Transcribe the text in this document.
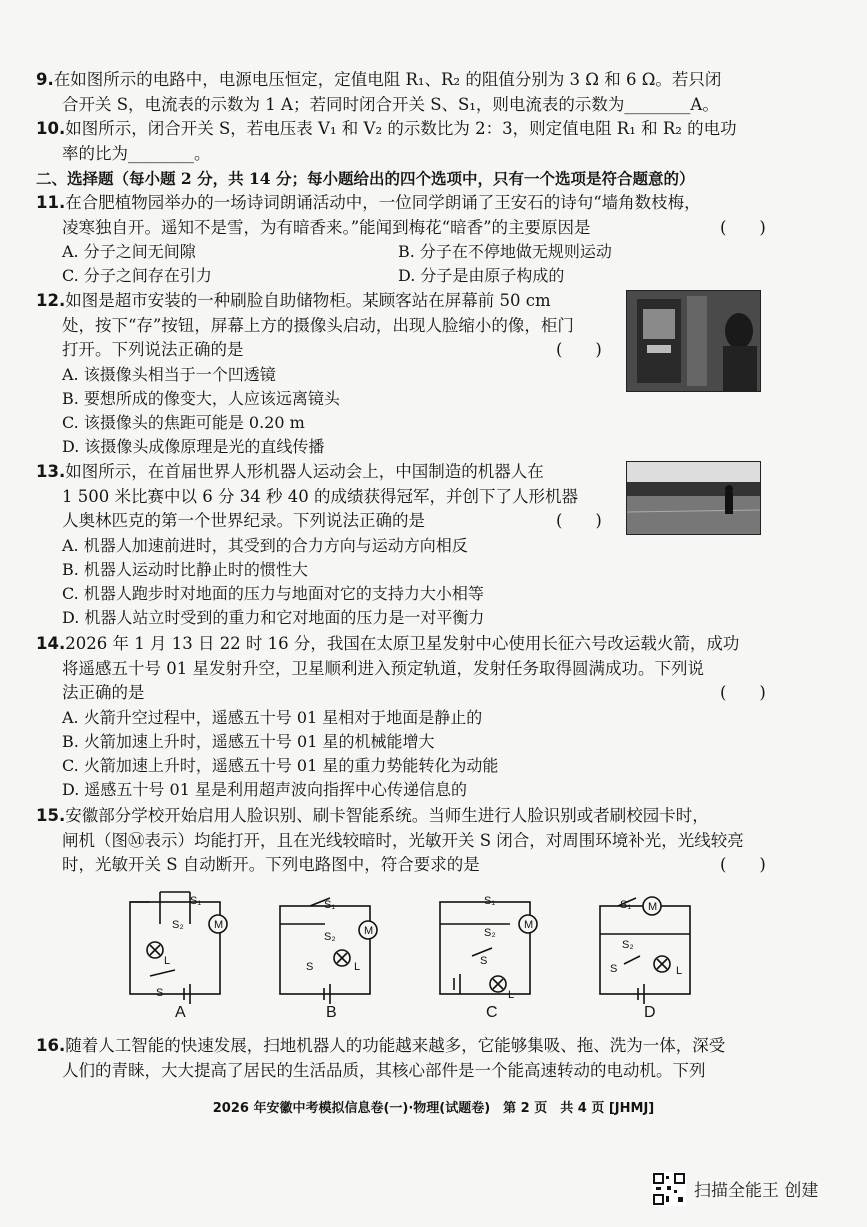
9.在如图所示的电路中，电源电压恒定，定值电阻 R₁、R₂ 的阻值分别为 3 Ω 和 6 Ω。若只闭
合开关 S，电流表的示数为 1 A；若同时闭合开关 S、S₁，则电流表的示数为________A。
10.如图所示，闭合开关 S，若电压表 V₁ 和 V₂ 的示数比为 2：3，则定值电阻 R₁ 和 R₂ 的电功
率的比为________。
二、选择题（每小题 2 分，共 14 分；每小题给出的四个选项中，只有一个选项是符合题意的）
11.在合肥植物园举办的一场诗词朗诵活动中，一位同学朗诵了王安石的诗句“墙角数枝梅，
凌寒独自开。遥知不是雪，为有暗香来。”能闻到梅花“暗香”的主要原因是	(　　)
A. 分子之间无间隙	B. 分子在不停地做无规则运动
C. 分子之间存在引力	D. 分子是由原子构成的
12.如图是超市安装的一种刷脸自助储物柜。某顾客站在屏幕前 50 cm
处，按下“存”按钮，屏幕上方的摄像头启动，出现人脸缩小的像，柜门
打开。下列说法正确的是	(　　)
A. 该摄像头相当于一个凹透镜
B. 要想所成的像变大，人应该远离镜头
C. 该摄像头的焦距可能是 0.20 m
D. 该摄像头成像原理是光的直线传播
13.如图所示，在首届世界人形机器人运动会上，中国制造的机器人在
1 500 米比赛中以 6 分 34 秒 40 的成绩获得冠军，并创下了人形机器
人奥林匹克的第一个世界纪录。下列说法正确的是	(　　)
A. 机器人加速前进时，其受到的合力方向与运动方向相反
B. 机器人运动时比静止时的惯性大
C. 机器人跑步时对地面的压力与地面对它的支持力大小相等
D. 机器人站立时受到的重力和它对地面的压力是一对平衡力
14.2026 年 1 月 13 日 22 时 16 分，我国在太原卫星发射中心使用长征六号改运载火箭，成功
将遥感五十号 01 星发射升空，卫星顺利进入预定轨道，发射任务取得圆满成功。下列说
法正确的是	(　　)
A. 火箭升空过程中，遥感五十号 01 星相对于地面是静止的
B. 火箭加速上升时，遥感五十号 01 星的机械能增大
C. 火箭加速上升时，遥感五十号 01 星的重力势能转化为动能
D. 遥感五十号 01 星是利用超声波向指挥中心传递信息的
15.安徽部分学校开始启用人脸识别、刷卡智能系统。当师生进行人脸识别或者刷校园卡时，
闸机（图Ⓜ表示）均能打开，且在光线较暗时，光敏开关 S 闭合，对周围环境补光，光线较亮
时，光敏开关 S 自动断开。下列电路图中，符合要求的是	(　　)
S₁
S₂	M
L
S
S₁
S₂	M
S	L
S₁
S₂
M
S
L
S₁ M
S₂
S	L
A	B	C	D
16.随着人工智能的快速发展，扫地机器人的功能越来越多，它能够集吸、拖、洗为一体，深受
人们的青睐，大大提高了居民的生活品质，其核心部件是一个能高速转动的电动机。下列
2026 年安徽中考模拟信息卷(一)·物理(试题卷)　第 2 页　共 4 页 [JHMJ]
扫描全能王 创建
